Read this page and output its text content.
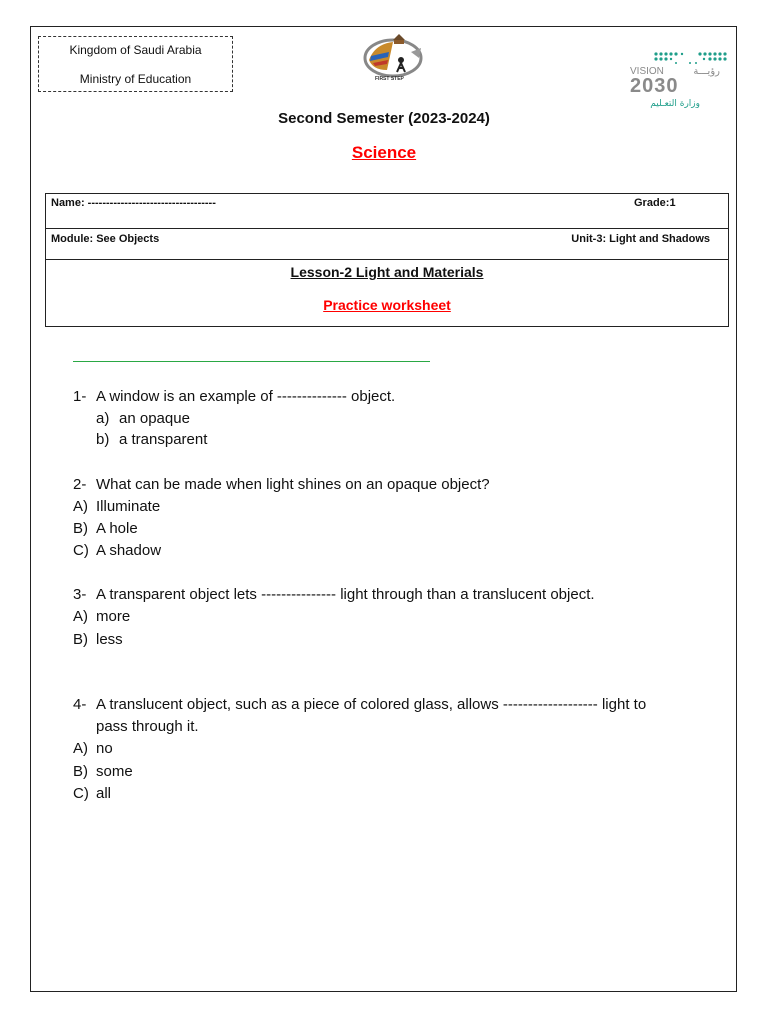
Kingdom of Saudi Arabia
Ministry of Education	FIRST STEP
VISION	رؤيـــة
2030
وزارة التعـليم
Second Semester (2023-2024)
Science
Name: -----------------------------------	Grade:1
Module: See Objects	Unit-3: Light and Shadows
Lesson-2 Light and Materials
Practice worksheet
1- A window is an example of -------------- object.
a) an opaque
b) a transparent
2- What can be made when light shines on an opaque object?
A) Illuminate
B) A hole
C) A shadow
3- A transparent object lets --------------- light through than a translucent object.
A) more
B) less
4- A translucent object, such as a piece of colored glass, allows ------------------- light to
pass through it.
A) no
B) some
C) all
